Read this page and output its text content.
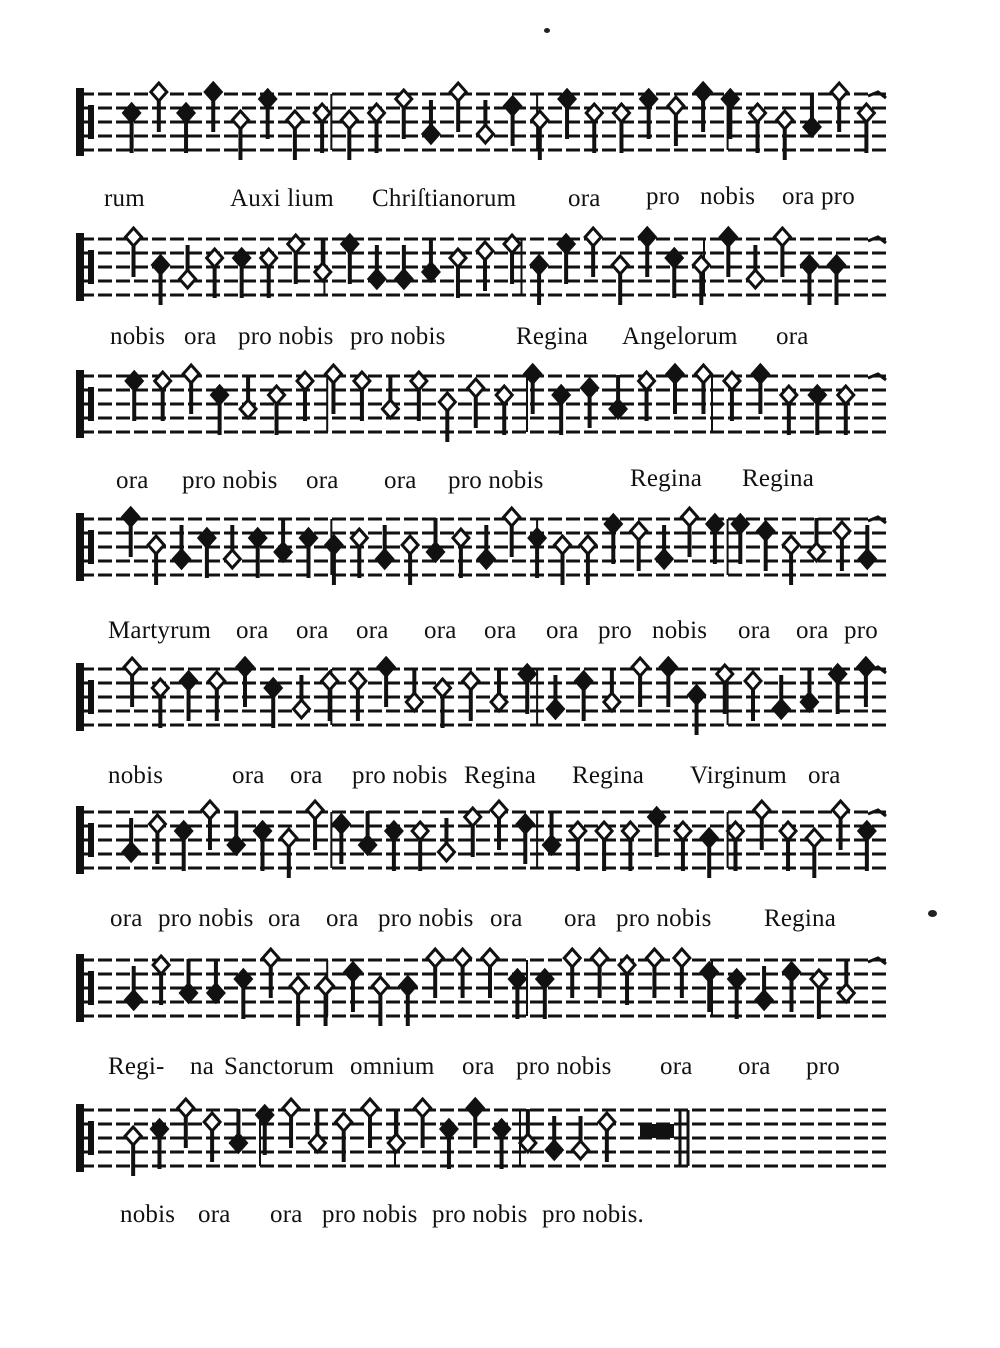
rum	Auxi lium Chriſtianorum ora pro nobis ora pro
nobis ora pro nobis pro nobis	Regina Angelorum ora
ora pro nobis ora ora pro nobis	Regina Regina
Martyrum ora ora ora ora ora ora pro nobis ora ora pro
nobis	ora ora pro nobis Regina Regina Virginum ora
ora pro nobis ora ora pro nobis ora ora pro nobis Regina
Regi- na Sanctorum omnium ora pro nobis ora ora pro
nobis ora ora pro nobis pro nobis pro nobis.
